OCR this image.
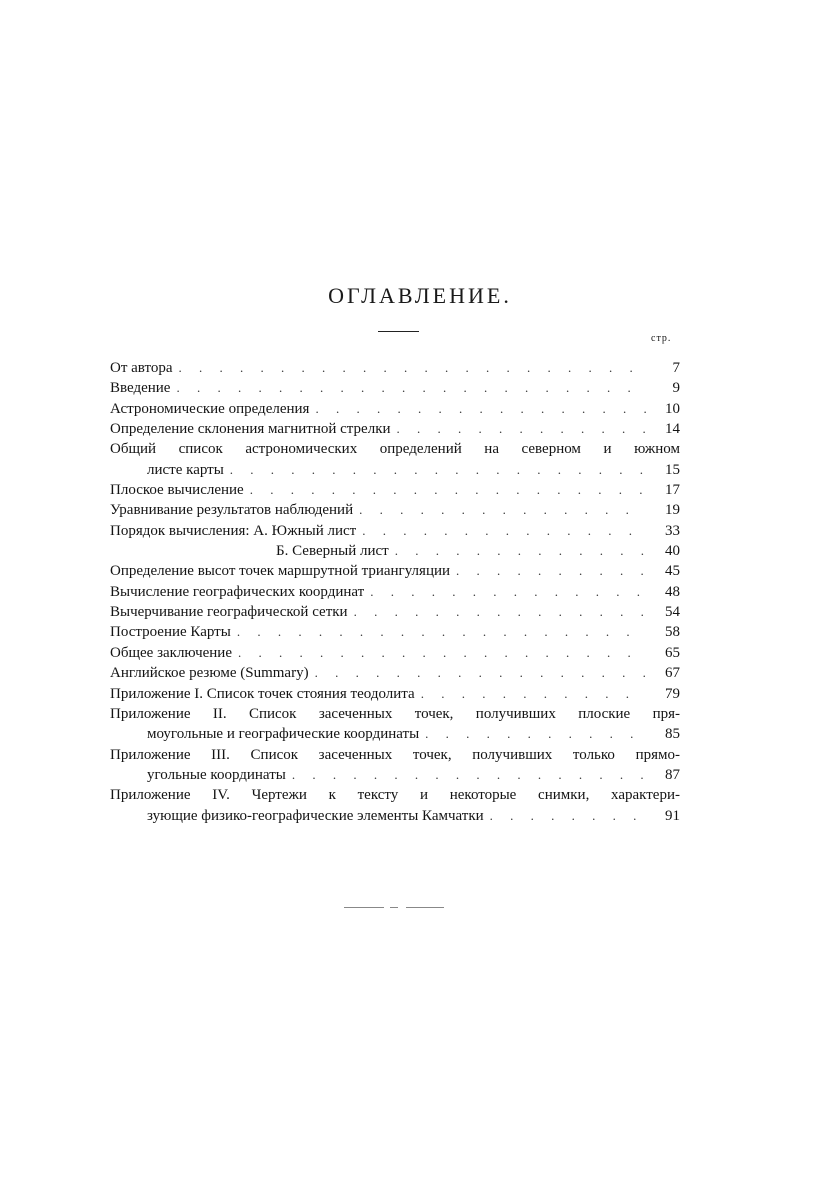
ОГЛАВЛЕНИЕ.
стр.
От автора . . .	7
Введение . . .	9
Астрономические определения . . .	10
Определение склонения магнитной стрелки . . .	14
Общий список астрономических определений на северном и южном
листе карты . . .	15
Плоское вычисление . . .	17
Уравнивание результатов наблюдений . . .	19
Порядок вычисления: А. Южный лист . . .	33
Б. Северный лист . . .	40
Определение высот точек маршрутной триангуляции . . .	45
Вычисление географических координат . . .	48
Вычерчивание географической сетки . . .	54
Построение Карты . . .	58
Общее заключение . . .	65
Английское резюме (Summary) . . .	67
Приложение I. Список точек стояния теодолита . . .	79
Приложение II. Список засеченных точек, получивших плоские пря-
моугольные и географические координаты . . .	85
Приложение III. Список засеченных точек, получивших только прямо-
угольные координаты . . .	87
Приложение IV. Чертежи к тексту и некоторые снимки, характери-
зующие физико-географические элементы Камчатки . . .	91
